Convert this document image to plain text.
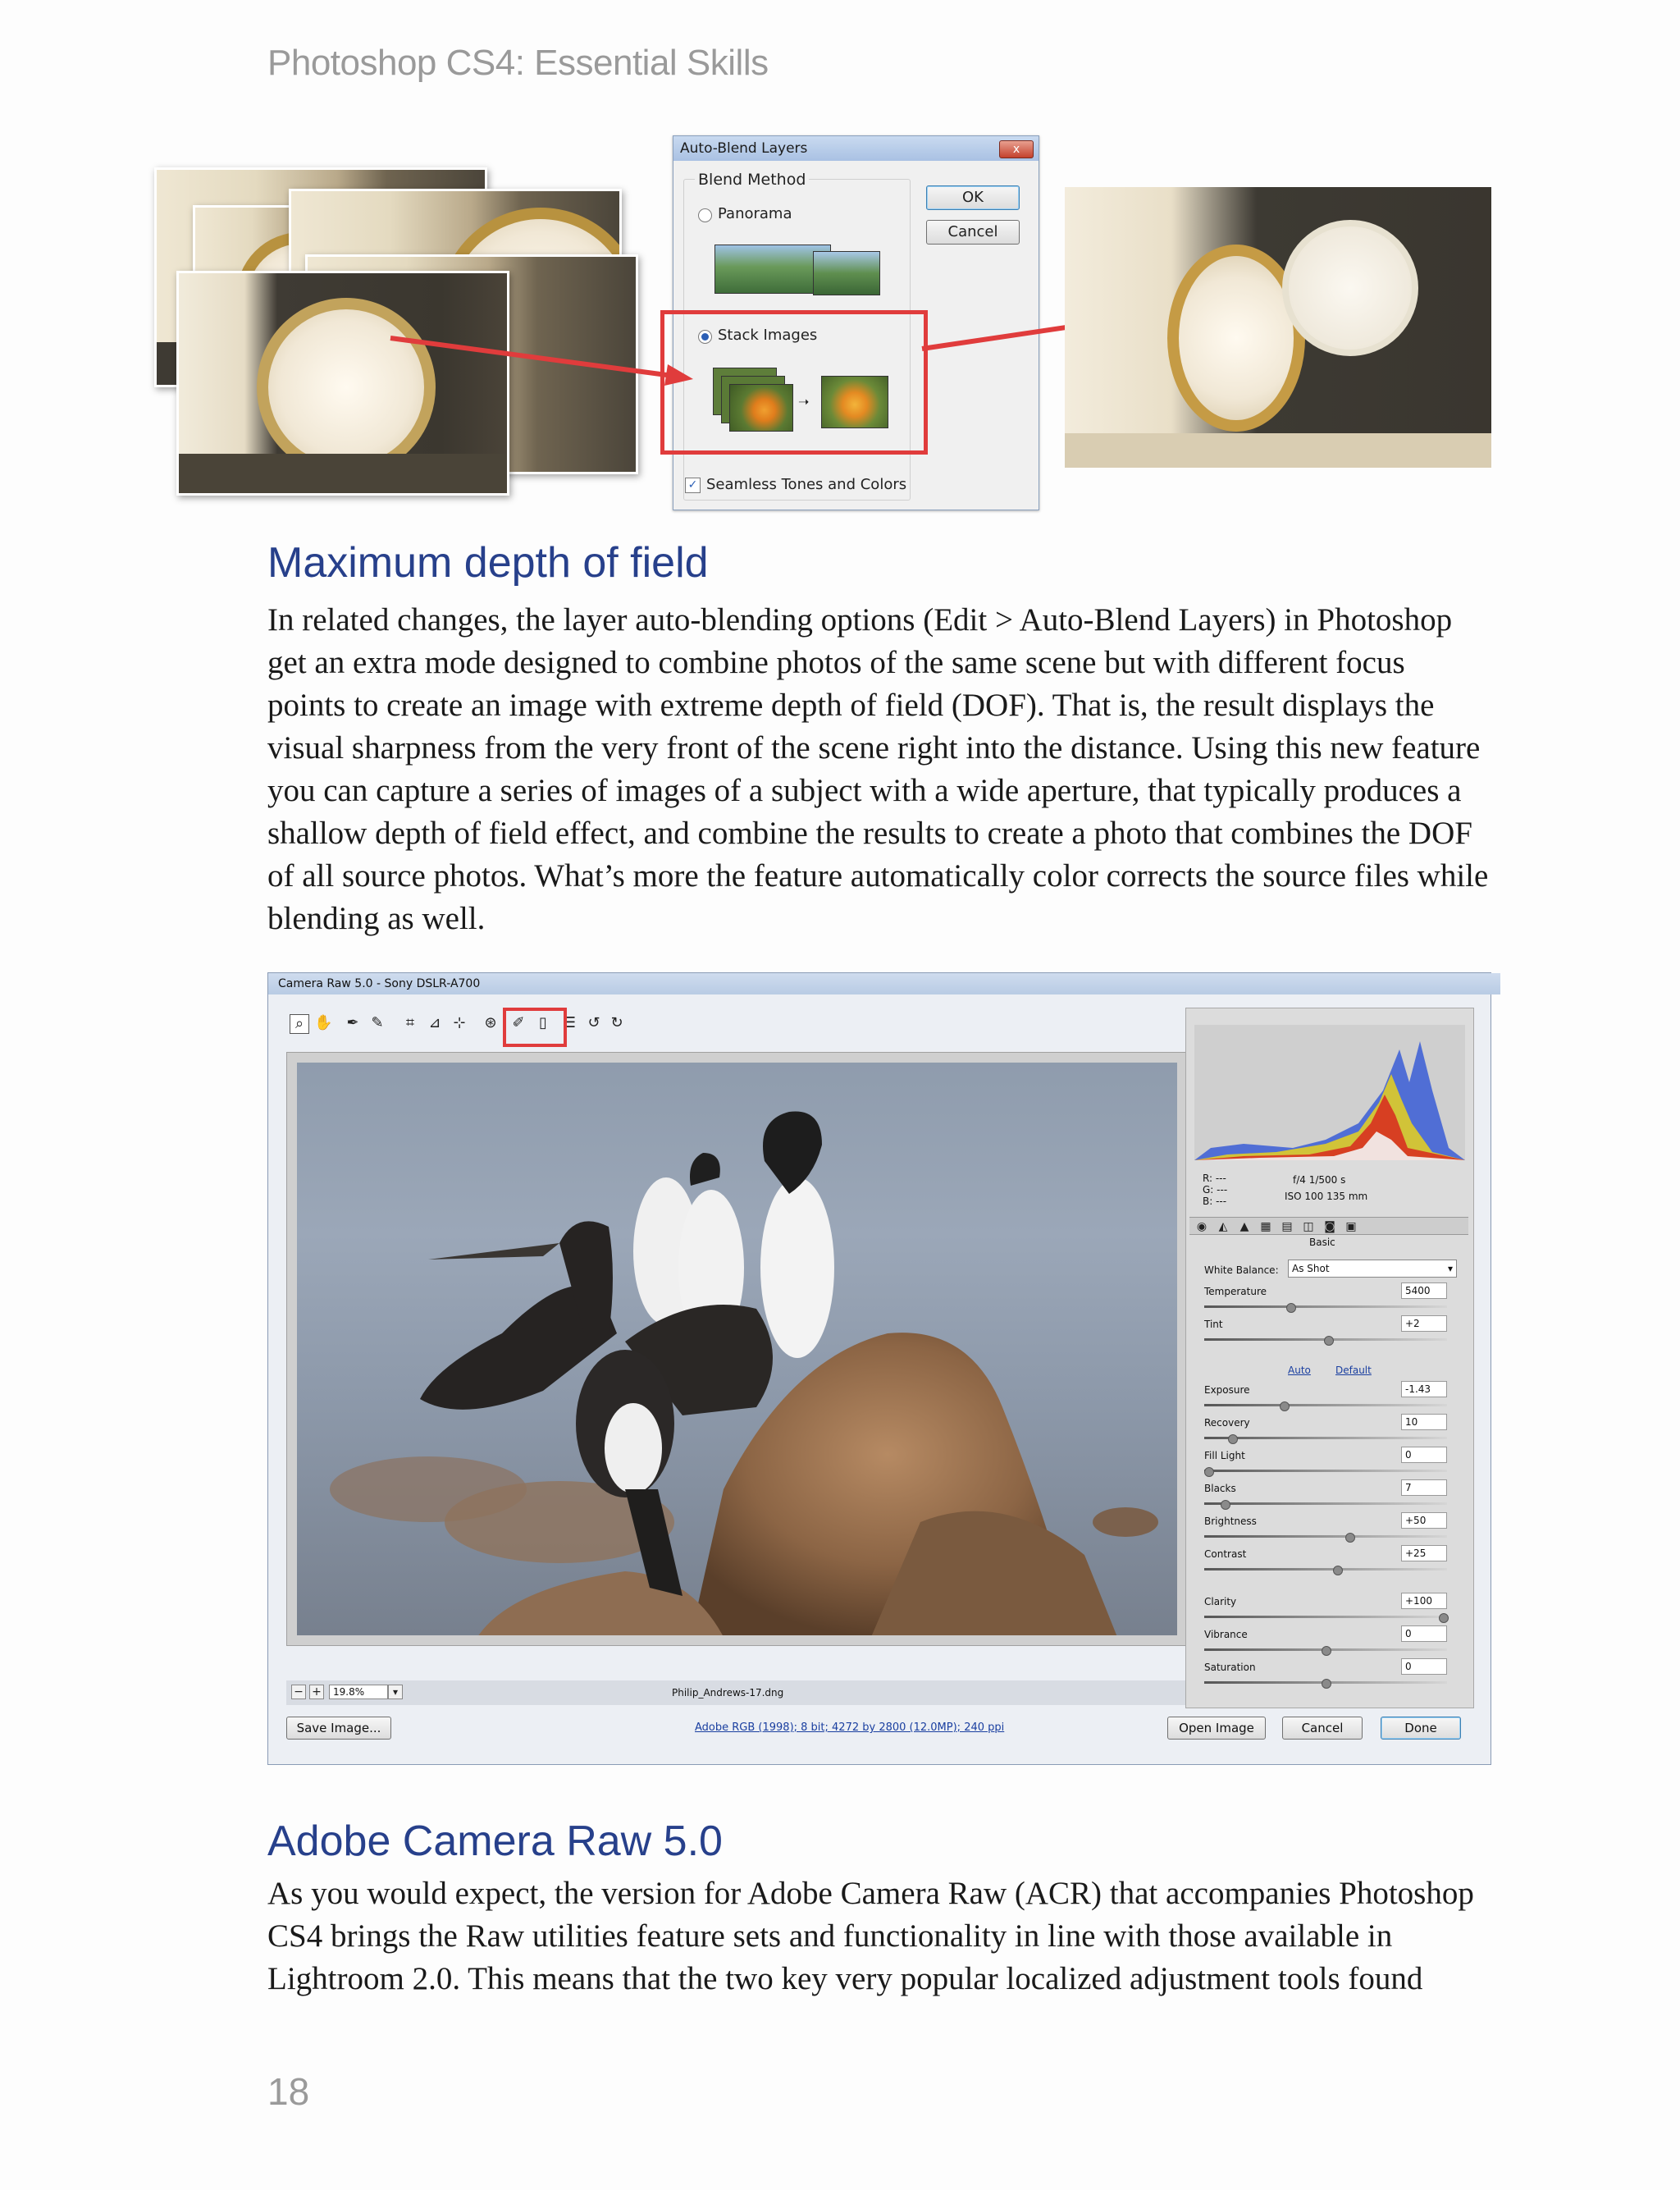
Photoshop CS4: Essential Skills
Auto-Blend Layers	x
Blend Method
Panorama
Stack Images
➝
✓ Seamless Tones and Colors
OK
Cancel
Maximum depth of field
In related changes, the layer auto-blending options (Edit > Auto-Blend Layers) in Photoshop get an extra mode designed to combine photos of the same scene but with different focus points to create an image with extreme depth of field (DOF). That is, the result displays the visual sharpness from the very front of the scene right into the distance. Using this new feature you can capture a series of images of a subject with a wide aperture, that typically produces a shallow depth of field effect, and combine the results to create a photo that combines the DOF of all source photos. What’s more the feature automatically color corrects the source files while blending as well.
Camera Raw 5.0 - Sony DSLR-A700
⌕ ✋ ✒ ✎	⌗ ⊿ ⊹ ⊛ ✐ ▯	☰ ↺ ↻
− +	19.8%	▾	Philip_Andrews-17.dng
R: ---
G: ---
B: ---
f/4 1/500 s
ISO 100 135 mm
◉	◭	▲ ▦ ▤ ◫ ◙ ▣
Basic
White Balance:	As Shot	▾
Temperature	5400
Tint	+2
Auto	Default
Exposure	-1.43
Recovery	10
Fill Light	0
Blacks	7
Brightness	+50
Contrast	+25
Clarity	+100
Vibrance	0
Saturation	0
Save Image...	Adobe RGB (1998); 8 bit; 4272 by 2800 (12.0MP); 240 ppi	Open Image	Cancel	Done
Adobe Camera Raw 5.0
As you would expect, the version for Adobe Camera Raw (ACR) that accompanies Photoshop CS4 brings the Raw utilities feature sets and functionality in line with those available in Lightroom 2.0. This means that the two key very popular localized adjustment tools found
18
